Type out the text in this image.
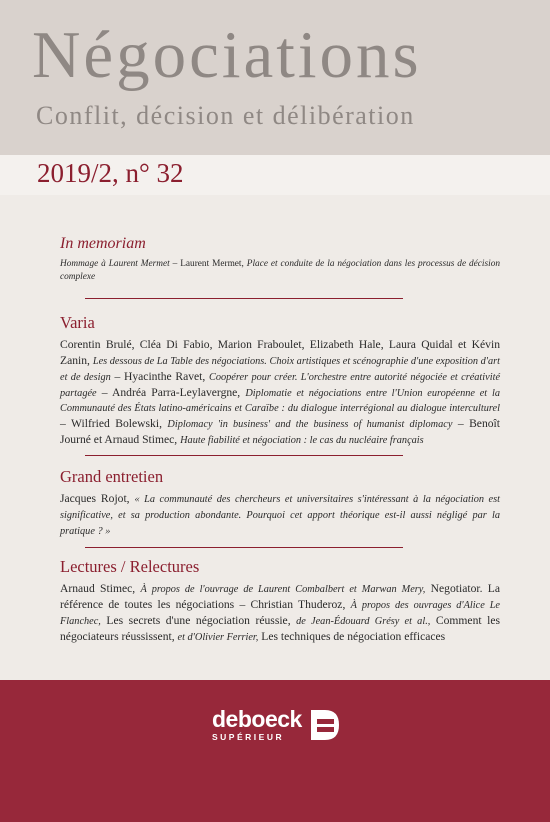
Négociations
Conflit, décision et délibération
2019/2, n° 32
In memoriam
Hommage à Laurent Mermet – Laurent Mermet, Place et conduite de la négociation dans les processus de décision complexe
Varia
Corentin Brulé, Cléa Di Fabio, Marion Fraboulet, Elizabeth Hale, Laura Quidal et Kévin Zanin, Les dessous de La Table des négociations. Choix artistiques et scénographie d'une exposition d'art et de design – Hyacinthe Ravet, Coopérer pour créer. L'orchestre entre autorité négociée et créativité partagée – Andréa Parra-Leylavergne, Diplomatie et négociations entre l'Union européenne et la Communauté des États latino-américains et Caraïbe : du dialogue interrégional au dialogue interculturel – Wilfried Bolewski, Diplomacy 'in business' and the business of humanist diplomacy – Benoît Journé et Arnaud Stimec, Haute fiabilité et négociation : le cas du nucléaire français
Grand entretien
Jacques Rojot, « La communauté des chercheurs et universitaires s'intéressant à la négociation est significative, et sa production abondante. Pourquoi cet apport théorique est-il aussi négligé par la pratique ? »
Lectures / Relectures
Arnaud Stimec, À propos de l'ouvrage de Laurent Combalbert et Marwan Mery, Negotiator. La référence de toutes les négociations – Christian Thuderoz, À propos des ouvrages d'Alice Le Flanchec, Les secrets d'une négociation réussie, de Jean-Édouard Grésy et al., Comment les négociateurs réussissent, et d'Olivier Ferrier, Les techniques de négociation efficaces
deboeck
SUPÉRIEUR
